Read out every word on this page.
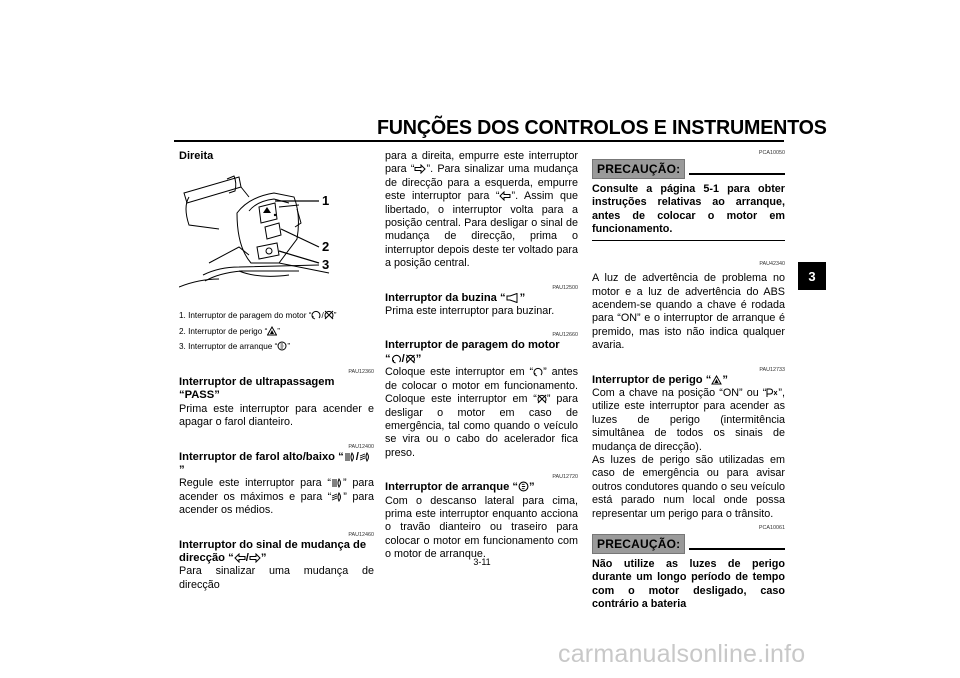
FUNÇÕES DOS CONTROLOS E INSTRUMENTOS
3
Direita
1
2
3
1. Interruptor de paragem do motor “ / ”
2. Interruptor de perigo “ ”
3. Interruptor de arranque “ ”
PAU12360
Interruptor de ultrapassagem “PASS”

Prima este interruptor para acender e apagar o farol dianteiro.

PAU12400
Interruptor de farol alto/baixo “ /
”

Regule este interruptor para “ ” para acender os máximos e para “ ” para acender os médios.

PAU12460
Interruptor do sinal de mudança de
direcção “ / ”

Para sinalizar uma mudança de direcção

para a direita, empurre este interruptor para “ ”. Para sinalizar uma mudança de direcção para a esquerda, empurre este interruptor para “ ”. Assim que libertado, o interruptor volta para a posição central. Para desligar o sinal de mudança de direcção, prima o interruptor depois deste ter voltado para a posição central.

PAU12500
Interruptor da buzina “ ”

Prima este interruptor para buzinar.

PAU12660
Interruptor de paragem do motor
“ / ”

Coloque este interruptor em “ ” antes de colocar o motor em funcionamento. Coloque este interruptor em “ ” para desligar o motor em caso de emergência, tal como quando o veículo se vira ou o cabo do acelerador fica preso.

PAU12720
Interruptor de arranque “ ”

Com o descanso lateral para cima, prima este interruptor enquanto acciona o travão dianteiro ou traseiro para colocar o motor em funcionamento com o motor de arranque.

PCA10050
PRECAUÇÃO:

Consulte a página 5-1 para obter instruções relativas ao arranque, antes de colocar o motor em funcionamento.

PAU42340

A luz de advertência de problema no motor e a luz de advertência do ABS acendem-se quando a chave é rodada para “ON” e o interruptor de arranque é premido, mas isto não indica qualquer avaria.

PAU12733
Interruptor de perigo “ ”

Com a chave na posição “ON” ou “ ”, utilize este interruptor para acender as luzes de perigo (intermitência simultânea de todos os sinais de mudança de direcção).

As luzes de perigo são utilizadas em caso de emergência ou para avisar outros condutores quando o seu veículo está parado num local onde possa representar um perigo para o trânsito.

PCA10061
PRECAUÇÃO:

Não utilize as luzes de perigo durante um longo período de tempo com o motor desligado, caso contrário a bateria

3-11
carmanualsonline.info
